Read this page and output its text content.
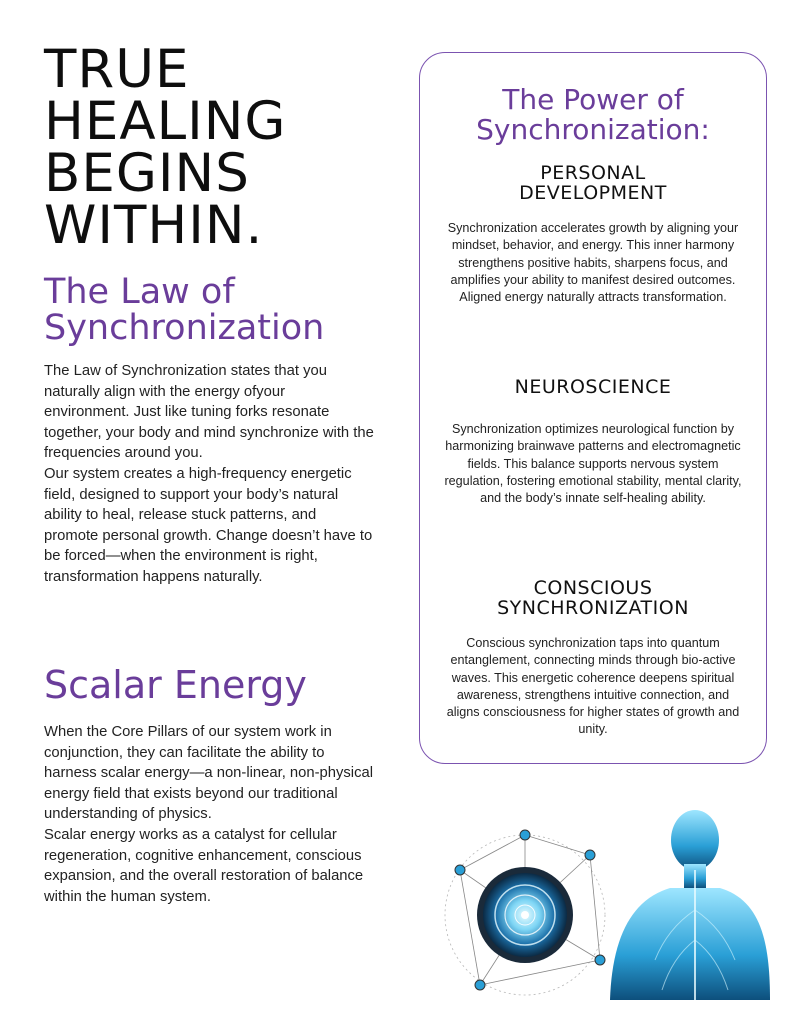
TRUE
HEALING
BEGINS
WITHIN.
The Law of
Synchronization

The Law of Synchronization states that you naturally align with the energy ofyour environment. Just like tuning forks resonate together, your body and mind synchronize with the frequencies around you.

Our system creates a high-frequency energetic field, designed to support your body’s natural ability to heal, release stuck patterns, and promote personal growth. Change doesn’t have to be forced—when the environment is right, transformation happens naturally.

Scalar Energy

When the Core Pillars of our system work in conjunction, they can facilitate the ability to harness scalar energy—a non-linear, non-physical energy field that exists beyond our traditional understanding of physics.

Scalar energy works as a catalyst for cellular regeneration, cognitive enhancement, conscious expansion, and the overall restoration of balance within the human system.

The Power of
Synchronization:
PERSONAL
DEVELOPMENT

Synchronization accelerates growth by aligning your mindset, behavior, and energy. This inner harmony strengthens positive habits, sharpens focus, and amplifies your ability to manifest desired outcomes. Aligned energy naturally attracts transformation.

NEUROSCIENCE

Synchronization optimizes neurological function by harmonizing brainwave patterns and electromagnetic fields. This balance supports nervous system regulation, fostering emotional stability, mental clarity, and the body’s innate self-healing ability.

CONSCIOUS
SYNCHRONIZATION

Conscious synchronization taps into quantum entanglement, connecting minds through bio-active waves. This energetic coherence deepens spiritual awareness, strengthens intuitive connection, and aligns consciousness for higher states of growth and unity.
